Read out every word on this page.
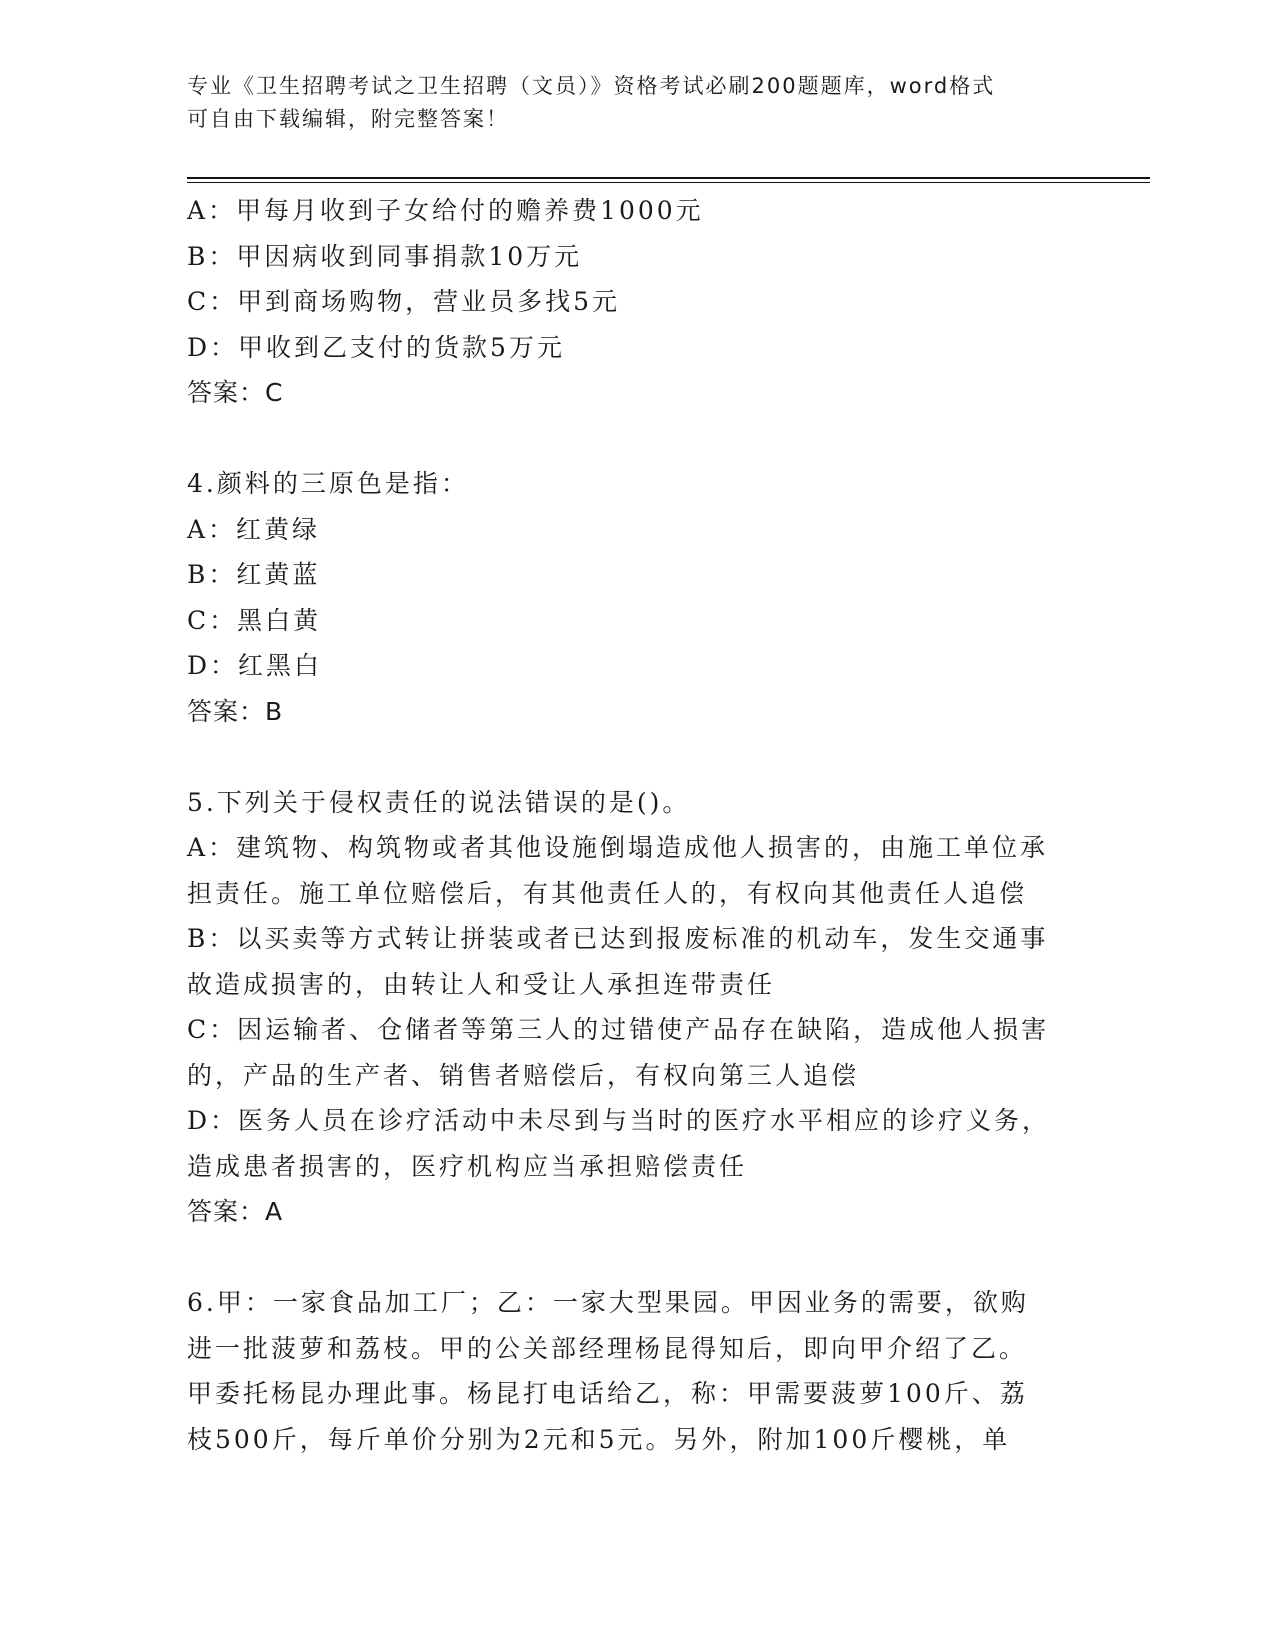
专业《卫生招聘考试之卫生招聘（文员）》资格考试必刷200题题库，word格式
可自由下载编辑，附完整答案！
A：甲每月收到子女给付的赡养费1000元
B：甲因病收到同事捐款10万元
C：甲到商场购物，营业员多找5元
D：甲收到乙支付的货款5万元
答案：C
4.颜料的三原色是指：
A：红黄绿
B：红黄蓝
C：黑白黄
D：红黑白
答案：B
5.下列关于侵权责任的说法错误的是()。
A：建筑物、构筑物或者其他设施倒塌造成他人损害的，由施工单位承
担责任。施工单位赔偿后，有其他责任人的，有权向其他责任人追偿
B：以买卖等方式转让拼装或者已达到报废标准的机动车，发生交通事
故造成损害的，由转让人和受让人承担连带责任
C：因运输者、仓储者等第三人的过错使产品存在缺陷，造成他人损害
的，产品的生产者、销售者赔偿后，有权向第三人追偿
D：医务人员在诊疗活动中未尽到与当时的医疗水平相应的诊疗义务，
造成患者损害的，医疗机构应当承担赔偿责任
答案：A
6.甲：一家食品加工厂；乙：一家大型果园。甲因业务的需要，欲购
进一批菠萝和荔枝。甲的公关部经理杨昆得知后，即向甲介绍了乙。
甲委托杨昆办理此事。杨昆打电话给乙，称：甲需要菠萝100斤、荔
枝500斤，每斤单价分别为2元和5元。另外，附加100斤樱桃，单
